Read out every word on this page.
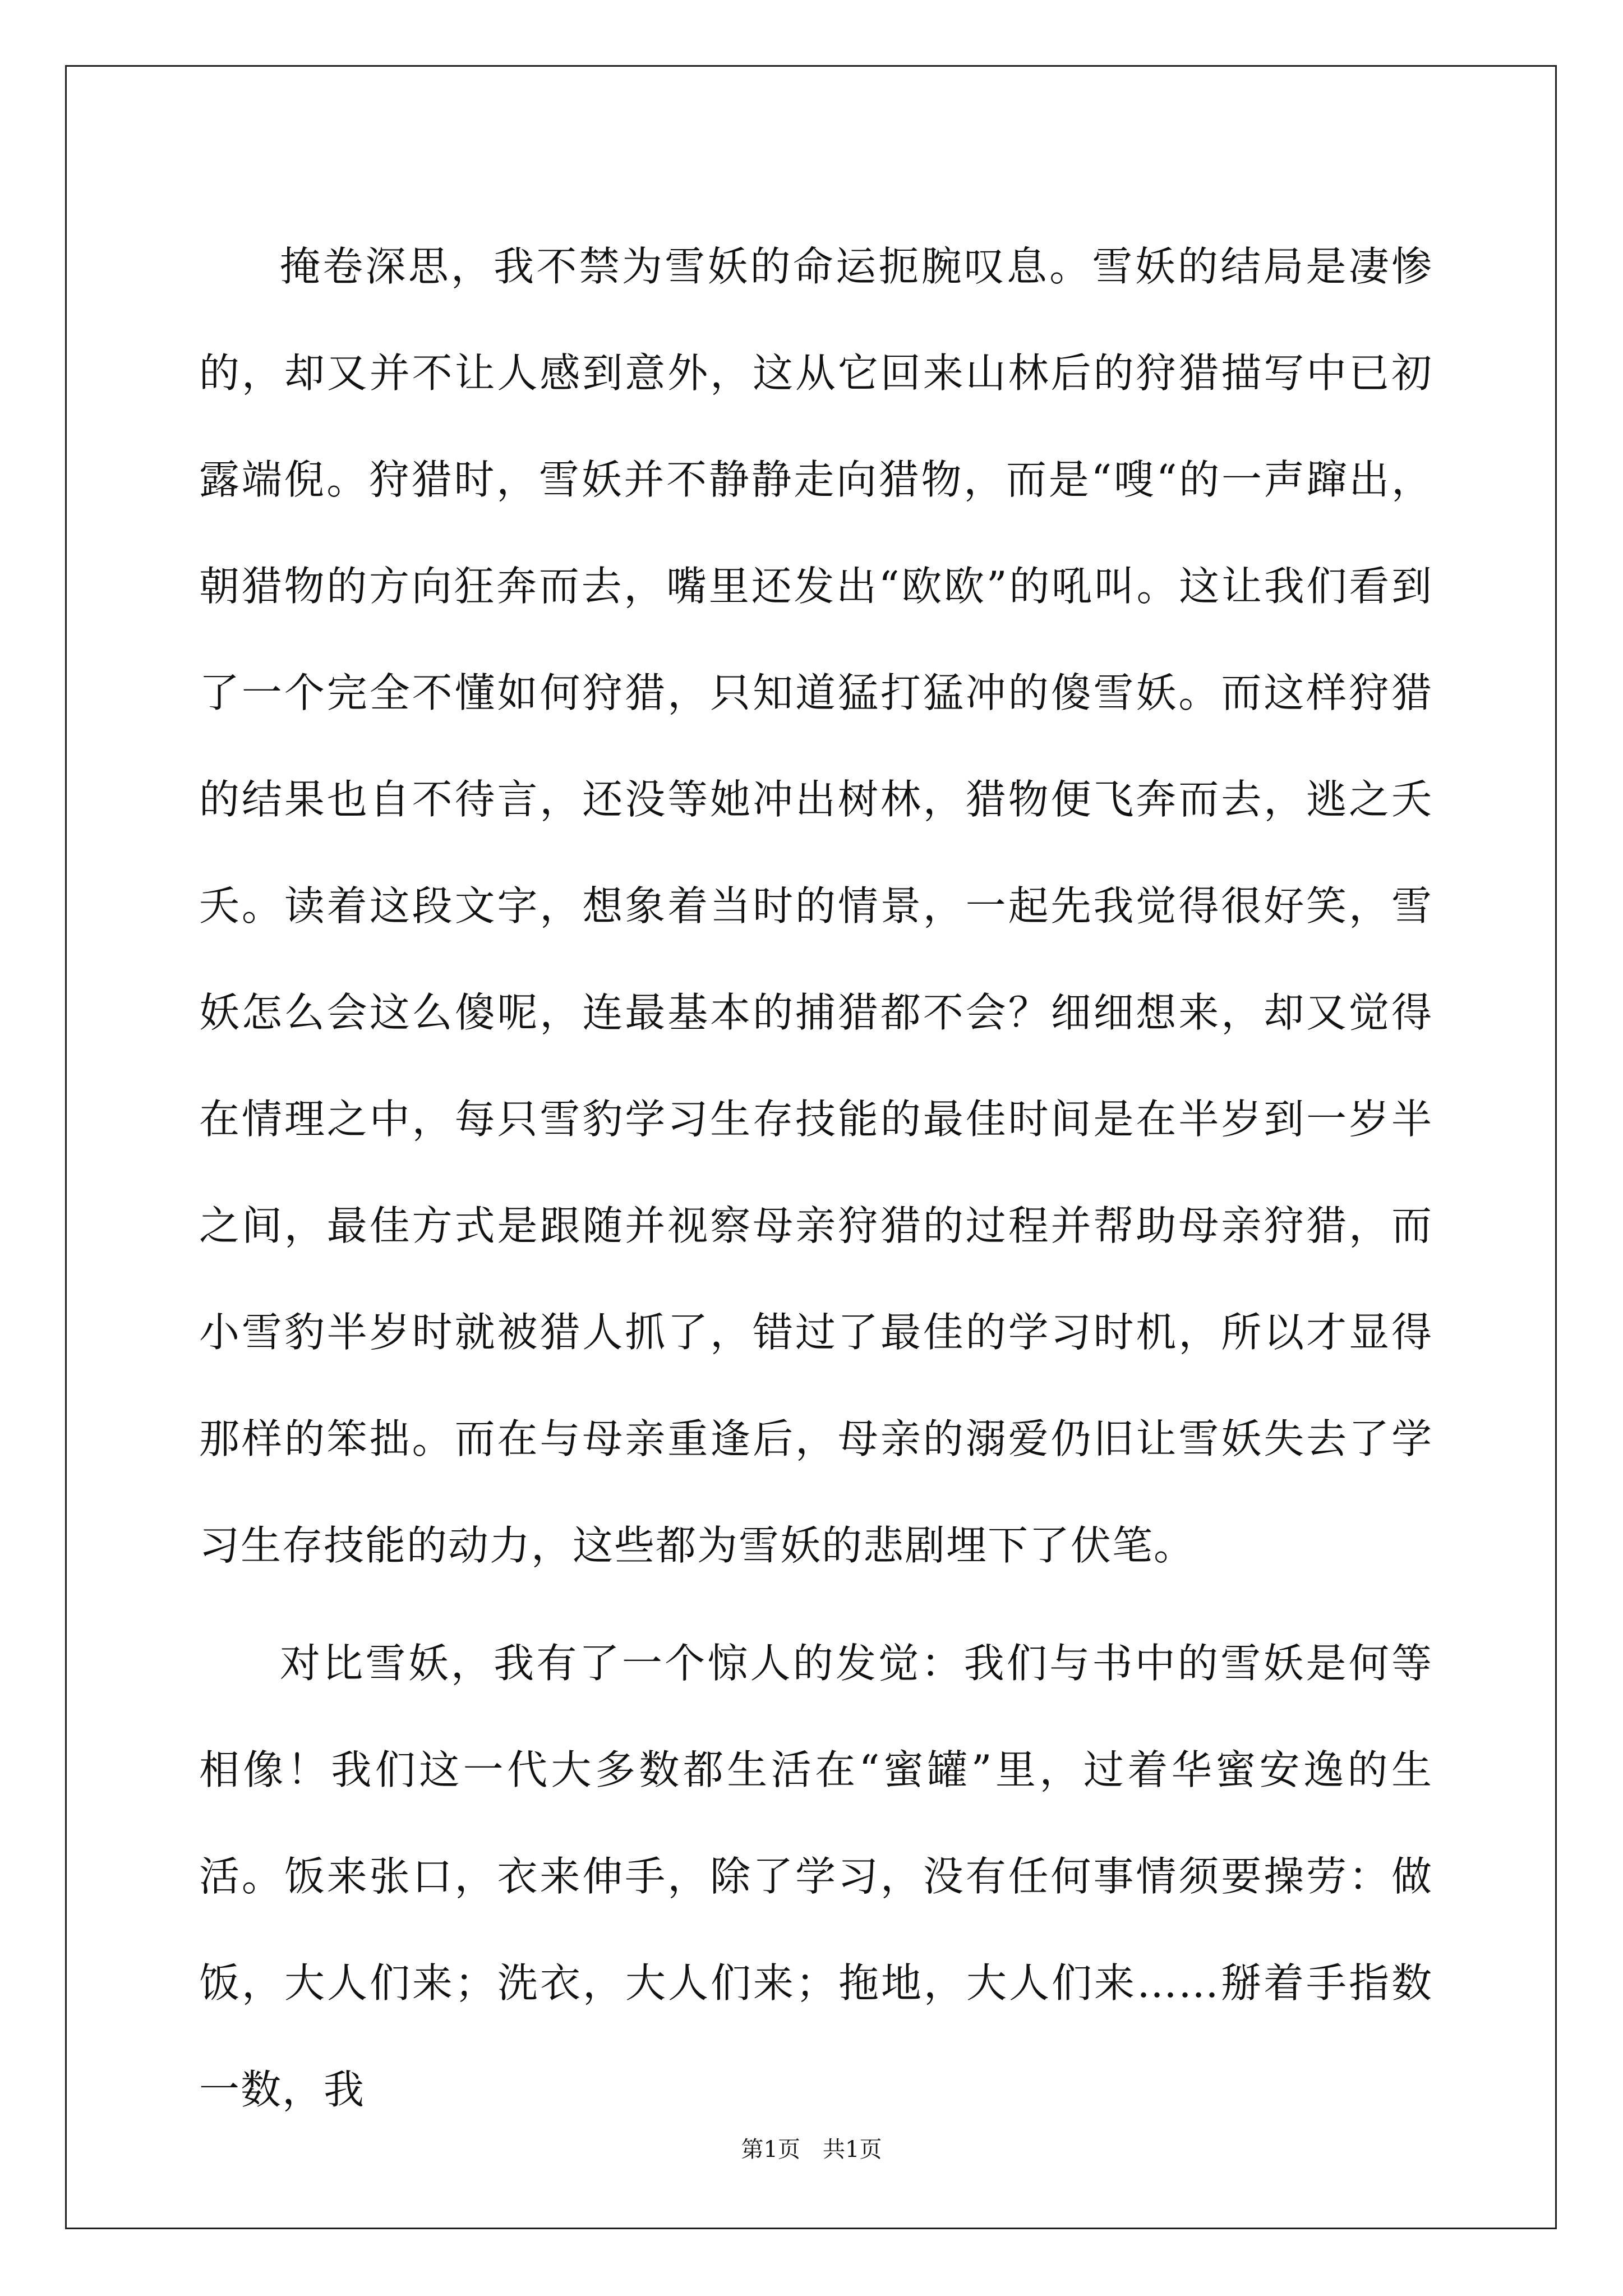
掩卷深思，我不禁为雪妖的命运扼腕叹息。雪妖的结局是凄惨的，却又并不让人感到意外，这从它回来山林后的狩猎描写中已初露端倪。狩猎时，雪妖并不静静走向猎物，而是“嗖“的一声蹿出，朝猎物的方向狂奔而去，嘴里还发出“欧欧”的吼叫。这让我们看到了一个完全不懂如何狩猎，只知道猛打猛冲的傻雪妖。而这样狩猎的结果也自不待言，还没等她冲出树林，猎物便飞奔而去，逃之夭夭。读着这段文字，想象着当时的情景，一起先我觉得很好笑，雪妖怎么会这么傻呢，连最基本的捕猎都不会？细细想来，却又觉得在情理之中，每只雪豹学习生存技能的最佳时间是在半岁到一岁半之间，最佳方式是跟随并视察母亲狩猎的过程并帮助母亲狩猎，而小雪豹半岁时就被猎人抓了，错过了最佳的学习时机，所以才显得那样的笨拙。而在与母亲重逢后，母亲的溺爱仍旧让雪妖失去了学习生存技能的动力，这些都为雪妖的悲剧埋下了伏笔。

对比雪妖，我有了一个惊人的发觉：我们与书中的雪妖是何等相像！我们这一代大多数都生活在“蜜罐”里，过着华蜜安逸的生活。饭来张口，衣来伸手，除了学习，没有任何事情须要操劳：做饭，大人们来；洗衣，大人们来；拖地，大人们来……掰着手指数一数，我

第1页　共1页
